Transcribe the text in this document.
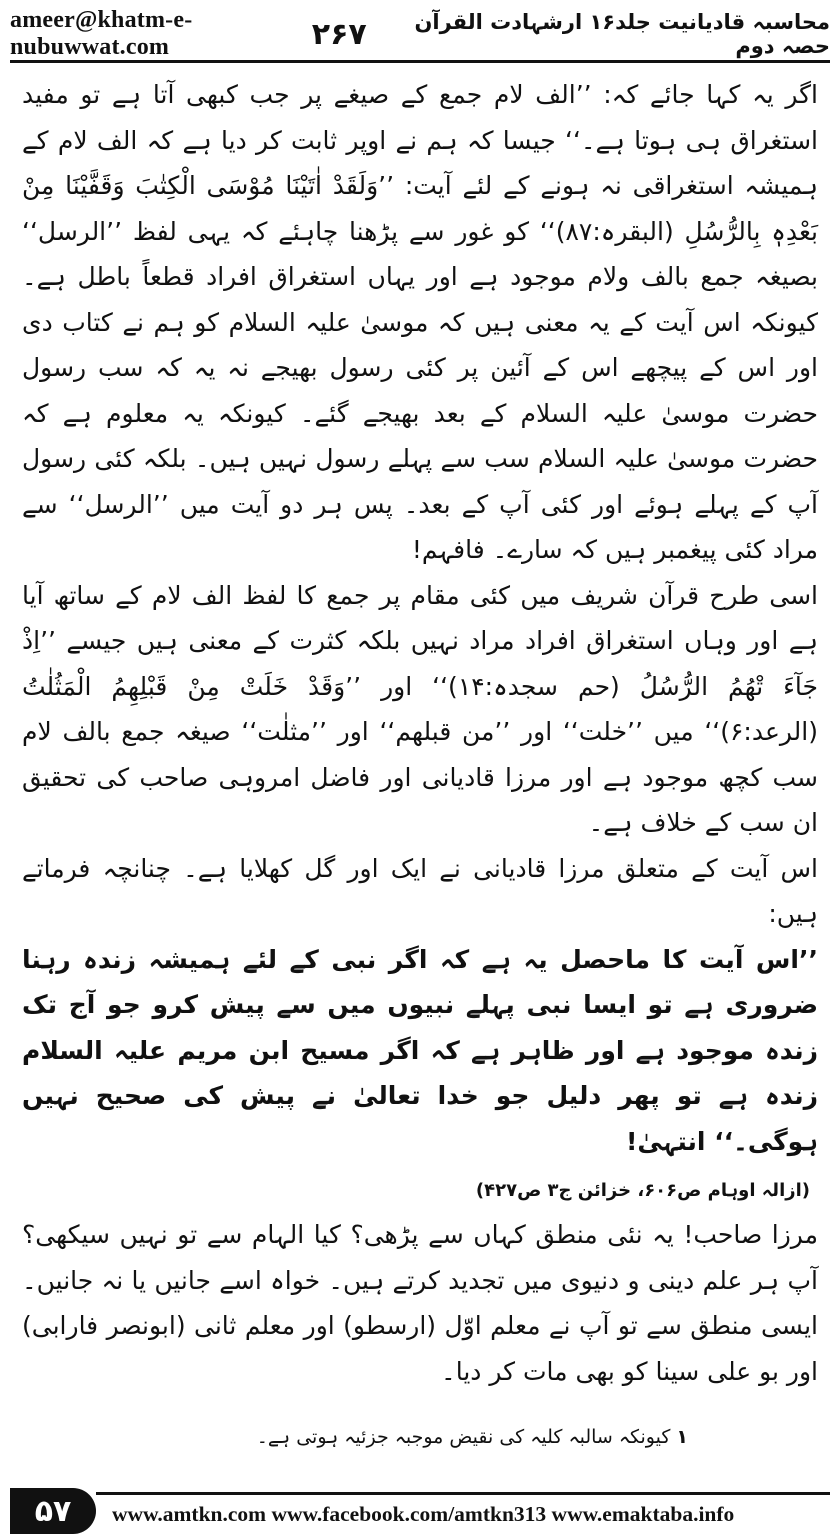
ameer@khatm-e-nubuwwat.com
محاسبہ قادیانیت جلد۱۶ ارشہادت القرآن حصہ دوم
۲۶۷

اگر یہ کہا جائے کہ: ’’الف لام جمع کے صیغے پر جب کبھی آتا ہے تو مفید استغراق ہی ہوتا ہے۔‘‘ جیسا کہ ہم نے اوپر ثابت کر دیا ہے کہ الف لام کے ہمیشہ استغراقی نہ ہونے کے لئے آیت: ’’وَلَقَدْ اٰتَیْنَا مُوْسَی الْکِتٰبَ وَقَفَّیْنَا مِنْ بَعْدِہٖ بِالرُّسُلِ (البقرہ:۸۷)‘‘ کو غور سے پڑھنا چاہئے کہ یہی لفظ ’’الرسل‘‘ بصیغہ جمع بالف ولام موجود ہے اور یہاں استغراق افراد قطعاً باطل ہے۔ کیونکہ اس آیت کے یہ معنی ہیں کہ موسیٰ علیہ السلام کو ہم نے کتاب دی اور اس کے پیچھے اس کے آئین پر کئی رسول بھیجے نہ یہ کہ سب رسول حضرت موسیٰ علیہ السلام کے بعد بھیجے گئے۔ کیونکہ یہ معلوم ہے کہ حضرت موسیٰ علیہ السلام سب سے پہلے رسول نہیں ہیں۔ بلکہ کئی رسول آپ کے پہلے ہوئے اور کئی آپ کے بعد۔ پس ہر دو آیت میں ’’الرسل‘‘ سے مراد کئی پیغمبر ہیں کہ سارے۔ فافہم!

اسی طرح قرآن شریف میں کئی مقام پر جمع کا لفظ الف لام کے ساتھ آیا ہے اور وہاں استغراق افراد مراد نہیں بلکہ کثرت کے معنی ہیں جیسے ’’اِذْ جَآءَ تْھُمُ الرُّسُلُ (حم سجدہ:۱۴)‘‘ اور ’’وَقَدْ خَلَتْ مِنْ قَبْلِھِمُ الْمَثُلٰتُ (الرعد:۶)‘‘ میں ’’خلت‘‘ اور ’’من قبلھم‘‘ اور ’’مثلٰت‘‘ صیغہ جمع بالف لام سب کچھ موجود ہے اور مرزا قادیانی اور فاضل امروہی صاحب کی تحقیق ان سب کے خلاف ہے۔

اس آیت کے متعلق مرزا قادیانی نے ایک اور گل کھلایا ہے۔ چنانچہ فرماتے ہیں:

’’اس آیت کا ماحصل یہ ہے کہ اگر نبی کے لئے ہمیشہ زندہ رہنا ضروری ہے تو ایسا نبی پہلے نبیوں میں سے پیش کرو جو آج تک زندہ موجود ہے اور ظاہر ہے کہ اگر مسیح ابن مریم علیہ السلام زندہ ہے تو پھر دلیل جو خدا تعالیٰ نے پیش کی صحیح نہیں ہوگی۔‘‘ انتہیٰ!

(ازالہ اوہام ص۶۰۶، خزائن ج۳ ص۴۲۷)

مرزا صاحب! یہ نئی منطق کہاں سے پڑھی؟ کیا الہام سے تو نہیں سیکھی؟ آپ ہر علم دینی و دنیوی میں تجدید کرتے ہیں۔ خواہ اسے جانیں یا نہ جانیں۔ ایسی منطق سے تو آپ نے معلم اوّل (ارسطو) اور معلم ثانی (ابونصر فارابی) اور بو علی سینا کو بھی مات کر دیا۔

۱کیونکہ سالبہ کلیہ کی نقیض موجبہ جزئیہ ہوتی ہے۔

۵۷	www.amtkn.com www.facebook.com/amtkn313 www.emaktaba.info
